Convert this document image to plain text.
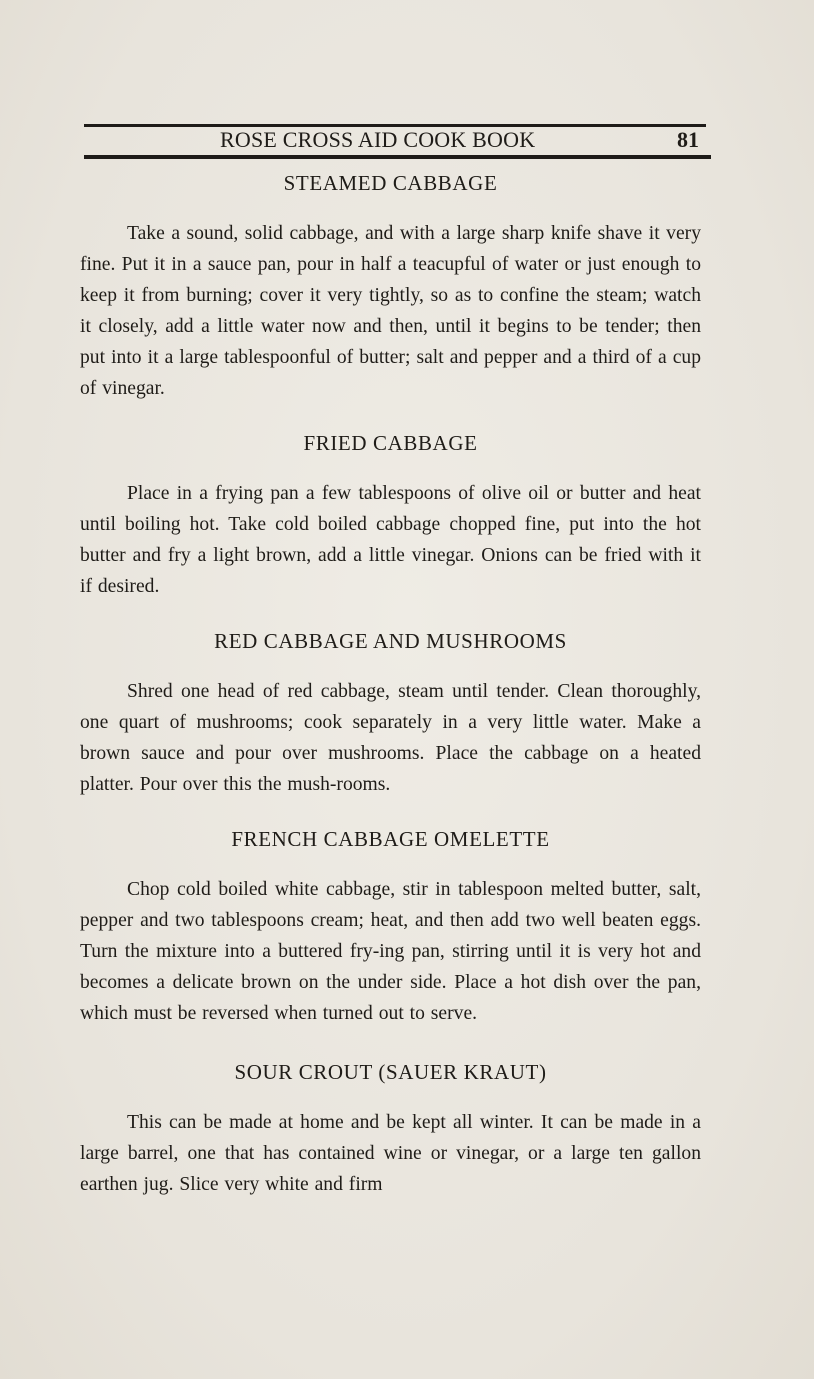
ROSE CROSS AID COOK BOOK	81
STEAMED CABBAGE

Take a sound, solid cabbage, and with a large sharp knife shave it very fine. Put it in a sauce pan, pour in half a teacupful of water or just enough to keep it from burning; cover it very tightly, so as to confine the steam; watch it closely, add a little water now and then, until it begins to be tender; then put into it a large tablespoonful of butter; salt and pepper and a third of a cup of vinegar.

FRIED CABBAGE

Place in a frying pan a few tablespoons of olive oil or butter and heat until boiling hot. Take cold boiled cabbage chopped fine, put into the hot butter and fry a light brown, add a little vinegar. Onions can be fried with it if desired.

RED CABBAGE AND MUSHROOMS

Shred one head of red cabbage, steam until tender. Clean thoroughly, one quart of mushrooms; cook separately in a very little water. Make a brown sauce and pour over mushrooms. Place the cabbage on a heated platter. Pour over this the mush-rooms.

FRENCH CABBAGE OMELETTE

Chop cold boiled white cabbage, stir in tablespoon melted butter, salt, pepper and two tablespoons cream; heat, and then add two well beaten eggs. Turn the mixture into a buttered fry-ing pan, stirring until it is very hot and becomes a delicate brown on the under side. Place a hot dish over the pan, which must be reversed when turned out to serve.

SOUR CROUT (SAUER KRAUT)

This can be made at home and be kept all winter. It can be made in a large barrel, one that has contained wine or vinegar, or a large ten gallon earthen jug. Slice very white and firm
